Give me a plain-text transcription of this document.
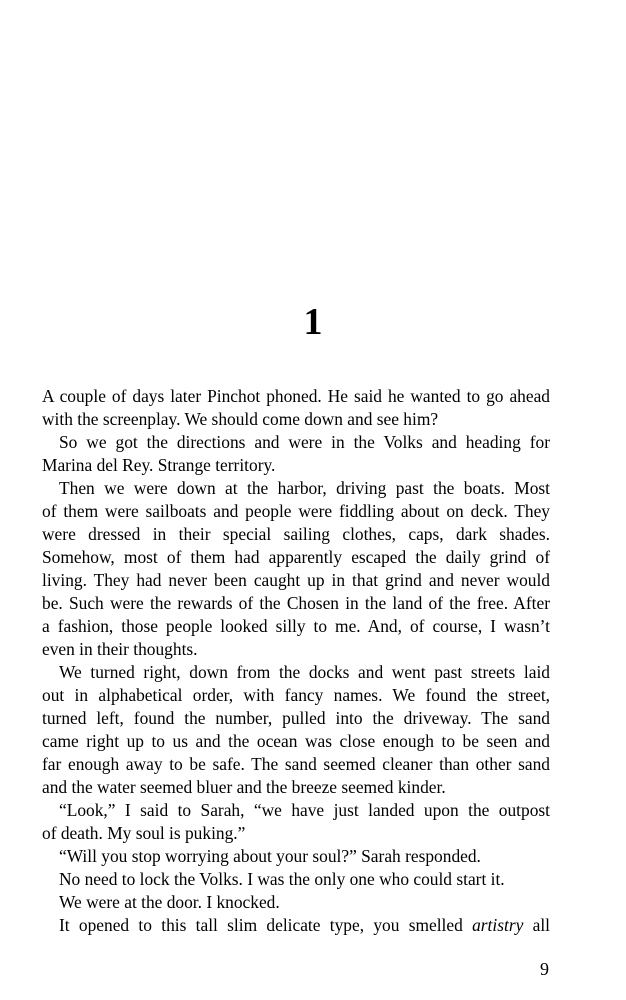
1
A couple of days later Pinchot phoned. He said he wanted to go ahead
with the screenplay. We should come down and see him?
So we got the directions and were in the Volks and heading for
Marina del Rey. Strange territory.
Then we were down at the harbor, driving past the boats. Most
of them were sailboats and people were fiddling about on deck. They
were dressed in their special sailing clothes, caps, dark shades.
Somehow, most of them had apparently escaped the daily grind of
living. They had never been caught up in that grind and never would
be. Such were the rewards of the Chosen in the land of the free. After
a fashion, those people looked silly to me. And, of course, I wasn’t
even in their thoughts.
We turned right, down from the docks and went past streets laid
out in alphabetical order, with fancy names. We found the street,
turned left, found the number, pulled into the driveway. The sand
came right up to us and the ocean was close enough to be seen and
far enough away to be safe. The sand seemed cleaner than other sand
and the water seemed bluer and the breeze seemed kinder.
“Look,” I said to Sarah, “we have just landed upon the outpost
of death. My soul is puking.”
“Will you stop worrying about your soul?” Sarah responded.
No need to lock the Volks. I was the only one who could start it.
We were at the door. I knocked.
It opened to this tall slim delicate type, you smelled artistry all
9
